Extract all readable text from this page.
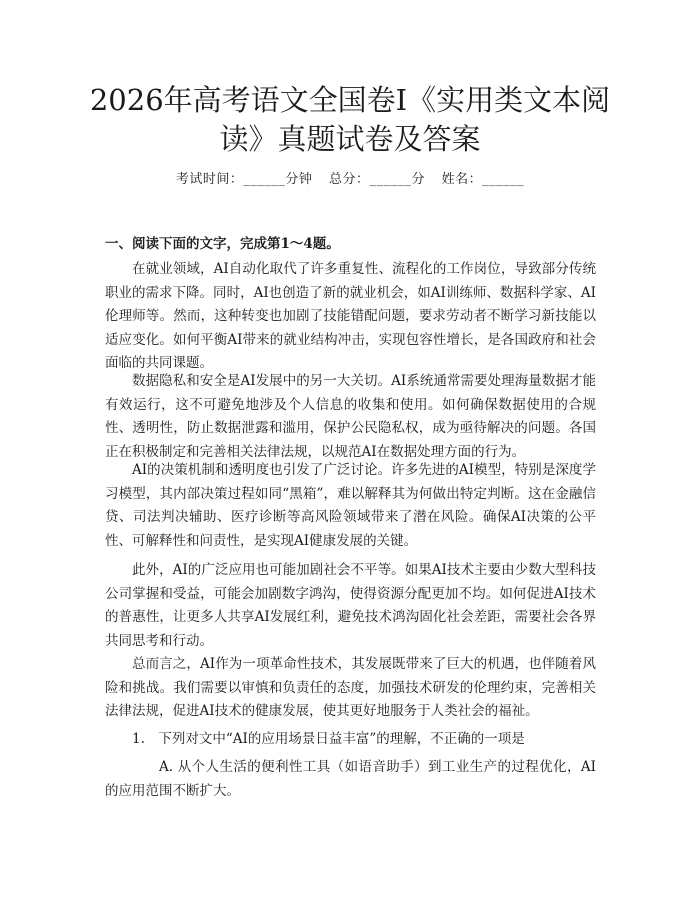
2026年高考语文全国卷Ⅰ《实用类文本阅
读》真题试卷及答案
考试时间：______分钟 总分：______分 姓名：______
一、阅读下面的文字，完成第1～4题。

在就业领域，AI自动化取代了许多重复性、流程化的工作岗位，导致部分传统职业的需求下降。同时，AI也创造了新的就业机会，如AI训练师、数据科学家、AI伦理师等。然而，这种转变也加剧了技能错配问题，要求劳动者不断学习新技能以适应变化。如何平衡AI带来的就业结构冲击，实现包容性增长，是各国政府和社会面临的共同课题。

数据隐私和安全是AI发展中的另一大关切。AI系统通常需要处理海量数据才能有效运行，这不可避免地涉及个人信息的收集和使用。如何确保数据使用的合规性、透明性，防止数据泄露和滥用，保护公民隐私权，成为亟待解决的问题。各国正在积极制定和完善相关法律法规，以规范AI在数据处理方面的行为。

AI的决策机制和透明度也引发了广泛讨论。许多先进的AI模型，特别是深度学习模型，其内部决策过程如同“黑箱”，难以解释其为何做出特定判断。这在金融信贷、司法判决辅助、医疗诊断等高风险领域带来了潜在风险。确保AI决策的公平性、可解释性和问责性，是实现AI健康发展的关键。

此外，AI的广泛应用也可能加剧社会不平等。如果AI技术主要由少数大型科技公司掌握和受益，可能会加剧数字鸿沟，使得资源分配更加不均。如何促进AI技术的普惠性，让更多人共享AI发展红利，避免技术鸿沟固化社会差距，需要社会各界共同思考和行动。

总而言之，AI作为一项革命性技术，其发展既带来了巨大的机遇，也伴随着风险和挑战。我们需要以审慎和负责任的态度，加强技术研发的伦理约束，完善相关法律法规，促进AI技术的健康发展，使其更好地服务于人类社会的福祉。

1.　下列对文中“AI的应用场景日益丰富”的理解，不正确的一项是

A. 从个人生活的便利性工具（如语音助手）到工业生产的过程优化，AI的应用范围不断扩大。
